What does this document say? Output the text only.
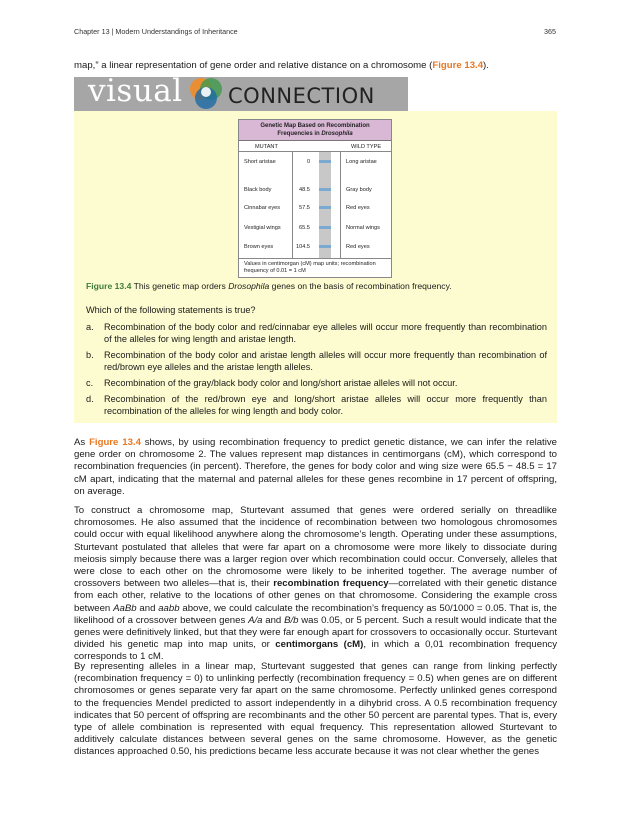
Chapter 13 | Modern Understandings of Inheritance	365
map,” a linear representation of gene order and relative distance on a chromosome (Figure 13.4).
visual CONNECTION
Genetic Map Based on Recombination
Frequencies in Drosophila
MUTANT	WILD TYPE
Short aristae	0	Long aristae
Black body	48.5	Gray body
Cinnabar eyes	57.5	Red eyes
Vestigial wings	65.5	Normal wings
Brown eyes	104.5	Red eyes
Values in centimorgan (cM) map units; recombination frequency of 0.01 = 1 cM
Figure 13.4 This genetic map orders Drosophila genes on the basis of recombination frequency.
Which of the following statements is true?
a. Recombination of the body color and red/cinnabar eye alleles will occur more frequently than recombination of the alleles for wing length and aristae length.
b. Recombination of the body color and aristae length alleles will occur more frequently than recombination of red/brown eye alleles and the aristae length alleles.
c. Recombination of the gray/black body color and long/short aristae alleles will not occur.
d. Recombination of the red/brown eye and long/short aristae alleles will occur more frequently than recombination of the alleles for wing length and body color.
As Figure 13.4 shows, by using recombination frequency to predict genetic distance, we can infer the relative gene order on chromosome 2. The values represent map distances in centimorgans (cM), which correspond to recombination frequencies (in percent). Therefore, the genes for body color and wing size were 65.5 − 48.5 = 17 cM apart, indicating that the maternal and paternal alleles for these genes recombine in 17 percent of offspring, on average.
To construct a chromosome map, Sturtevant assumed that genes were ordered serially on threadlike chromosomes. He also assumed that the incidence of recombination between two homologous chromosomes could occur with equal likelihood anywhere along the chromosome’s length. Operating under these assumptions, Sturtevant postulated that alleles that were far apart on a chromosome were more likely to dissociate during meiosis simply because there was a larger region over which recombination could occur. Conversely, alleles that were close to each other on the chromosome were likely to be inherited together. The average number of crossovers between two alleles—that is, their recombination frequency—correlated with their genetic distance from each other, relative to the locations of other genes on that chromosome. Considering the example cross between AaBb and aabb above, we could calculate the recombination’s frequency as 50/1000 = 0.05. That is, the likelihood of a crossover between genes A/a and B/b was 0.05, or 5 percent. Such a result would indicate that the genes were definitively linked, but that they were far enough apart for crossovers to occasionally occur. Sturtevant divided his genetic map into map units, or centimorgans (cM), in which a 0,01 recombination frequency corresponds to 1 cM.
By representing alleles in a linear map, Sturtevant suggested that genes can range from linking perfectly (recombination frequency = 0) to unlinking perfectly (recombination frequency = 0.5) when genes are on different chromosomes or genes separate very far apart on the same chromosome. Perfectly unlinked genes correspond to the frequencies Mendel predicted to assort independently in a dihybrid cross. A 0.5 recombination frequency indicates that 50 percent of offspring are recombinants and the other 50 percent are parental types. That is, every type of allele combination is represented with equal frequency. This representation allowed Sturtevant to additively calculate distances between several genes on the same chromosome. However, as the genetic distances approached 0.50, his predictions became less accurate because it was not clear whether the genes
